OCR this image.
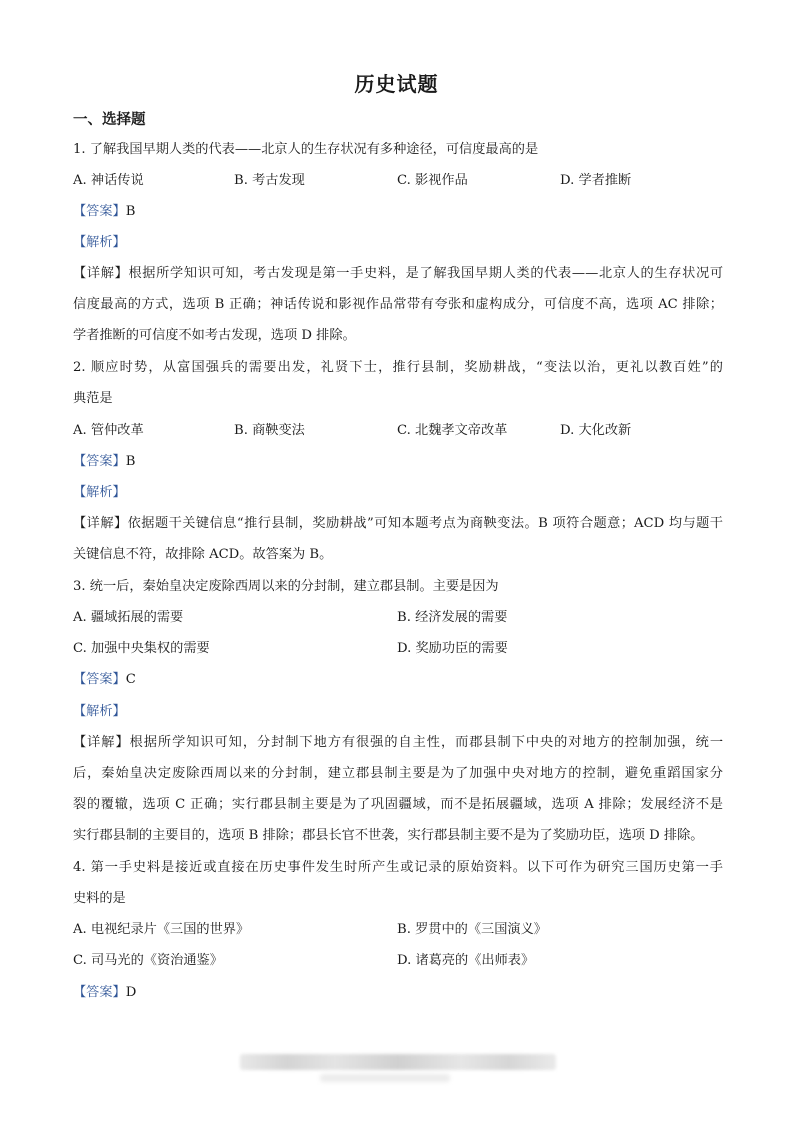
历史试题
一、选择题
1. 了解我国早期人类的代表——北京人的生存状况有多种途径，可信度最高的是
A. 神话传说	B. 考古发现	C. 影视作品	D. 学者推断
【答案】B
【解析】
【详解】根据所学知识可知，考古发现是第一手史料，是了解我国早期人类的代表——北京人的生存状况可
信度最高的方式，选项 B 正确；神话传说和影视作品常带有夸张和虚构成分，可信度不高，选项 AC 排除；
学者推断的可信度不如考古发现，选项 D 排除。
2. 顺应时势，从富国强兵的需要出发，礼贤下士，推行县制，奖励耕战，“变法以治，更礼以教百姓”的
典范是
A. 管仲改革	B. 商鞅变法	C. 北魏孝文帝改革	D. 大化改新
【答案】B
【解析】
【详解】依据题干关键信息“推行县制，奖励耕战”可知本题考点为商鞅变法。B 项符合题意；ACD 均与题干
关键信息不符，故排除 ACD。故答案为 B。
3. 统一后，秦始皇决定废除西周以来的分封制，建立郡县制。主要是因为
A. 疆域拓展的需要	B. 经济发展的需要
C. 加强中央集权的需要	D. 奖励功臣的需要
【答案】C
【解析】
【详解】根据所学知识可知，分封制下地方有很强的自主性，而郡县制下中央的对地方的控制加强，统一
后，秦始皇决定废除西周以来的分封制，建立郡县制主要是为了加强中央对地方的控制，避免重蹈国家分
裂的覆辙，选项 C 正确；实行郡县制主要是为了巩固疆域，而不是拓展疆域，选项 A 排除；发展经济不是
实行郡县制的主要目的，选项 B 排除；郡县长官不世袭，实行郡县制主要不是为了奖励功臣，选项 D 排除。
4. 第一手史料是接近或直接在历史事件发生时所产生或记录的原始资料。以下可作为研究三国历史第一手
史料的是
A. 电视纪录片《三国的世界》	B. 罗贯中的《三国演义》
C. 司马光的《资治通鉴》	D. 诸葛亮的《出师表》
【答案】D
